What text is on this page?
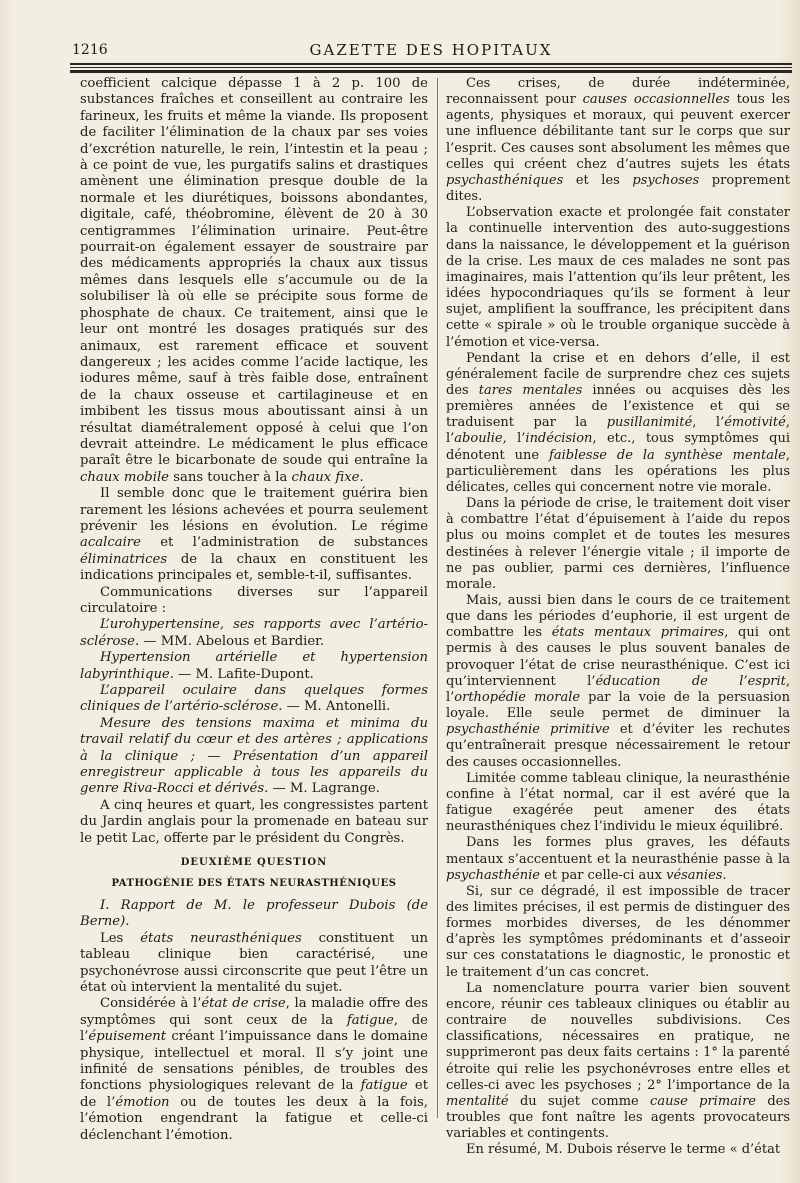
1216	GAZETTE DES HOPITAUX

coefficient calcique dépasse 1 à 2 p. 100 de substances fraîches et conseillent au contraire les farineux, les fruits et même la viande. Ils proposent de faciliter l’élimination de la chaux par ses voies d’excrétion naturelle, le rein, l’intestin et la peau ; à ce point de vue, les purgatifs salins et drastiques amènent une élimination presque double de la normale et les diurétiques, boissons abondantes, digitale, café, théobromine, élèvent de 20 à 30 centigrammes l’élimination urinaire. Peut-être pourrait-on également essayer de soustraire par des médicaments appropriés la chaux aux tissus mêmes dans lesquels elle s’accumule ou de la solubiliser là où elle se précipite sous forme de phosphate de chaux. Ce traitement, ainsi que le leur ont montré les dosages pratiqués sur des animaux, est rarement efficace et souvent dangereux ; les acides comme l’acide lactique, les iodures même, sauf à très faible dose, entraînent de la chaux osseuse et cartilagineuse et en imbibent les tissus mous aboutissant ainsi à un résultat diamétralement opposé à celui que l’on devrait atteindre. Le médicament le plus efficace paraît être le bicarbonate de soude qui entraîne la chaux mobile sans toucher à la chaux fixe.

Il semble donc que le traitement guérira bien rarement les lésions achevées et pourra seulement prévenir les lésions en évolution. Le régime acalcaire et l’administration de substances éliminatrices de la chaux en constituent les indications principales et, semble-t-il, suffisantes.

Communications diverses sur l’appareil circulatoire :

L’urohypertensine, ses rapports avec l’artério-sclérose. — MM. Abelous et Bardier.

Hypertension artérielle et hypertension labyrinthique. — M. Lafite-Dupont.

L’appareil oculaire dans quelques formes cliniques de l’artério-sclérose. — M. Antonelli.

Mesure des tensions maxima et minima du travail relatif du cœur et des artères ; applications à la clinique ; — Présentation d’un appareil enregistreur applicable à tous les appareils du genre Riva-Rocci et dérivés. — M. Lagrange.

A cinq heures et quart, les congressistes partent du Jardin anglais pour la promenade en bateau sur le petit Lac, offerte par le président du Congrès.

DEUXIÈME QUESTION

PATHOGÉNIE DES ÉTATS NEURASTHÉNIQUES

I. Rapport de M. le professeur Dubois (de Berne).

Les états neurasthéniques constituent un tableau clinique bien caractérisé, une psychonévrose aussi circonscrite que peut l’être un état où intervient la mentalité du sujet.

Considérée à l’état de crise, la maladie offre des symptômes qui sont ceux de la fatigue, de l’épuisement créant l’impuissance dans le domaine physique, intellectuel et moral. Il s’y joint une infinité de sensations pénibles, de troubles des fonctions physiologiques relevant de la fatigue et de l’émotion ou de toutes les deux à la fois, l’émotion engendrant la fatigue et celle-ci déclenchant l’émotion.

Ces crises, de durée indéterminée, reconnaissent pour causes occasionnelles tous les agents, physiques et moraux, qui peuvent exercer une influence débilitante tant sur le corps que sur l’esprit. Ces causes sont absolument les mêmes que celles qui créent chez d’autres sujets les états psychasthéniques et les psychoses proprement dites.

L’observation exacte et prolongée fait constater la continuelle intervention des auto-suggestions dans la naissance, le développement et la guérison de la crise. Les maux de ces malades ne sont pas imaginaires, mais l’attention qu’ils leur prêtent, les idées hypocondriaques qu’ils se forment à leur sujet, amplifient la souffrance, les précipitent dans cette « spirale » où le trouble organique succède à l’émotion et vice-versa.

Pendant la crise et en dehors d’elle, il est généralement facile de surprendre chez ces sujets des tares mentales innées ou acquises dès les premières années de l’existence et qui se traduisent par la pusillanimité, l’émotivité, l’aboulie, l’indécision, etc., tous symptômes qui dénotent une faiblesse de la synthèse mentale, particulièrement dans les opérations les plus délicates, celles qui concernent notre vie morale.

Dans la période de crise, le traitement doit viser à combattre l’état d’épuisement à l’aide du repos plus ou moins complet et de toutes les mesures destinées à relever l’énergie vitale ; il importe de ne pas oublier, parmi ces dernières, l’influence morale.

Mais, aussi bien dans le cours de ce traitement que dans les périodes d’euphorie, il est urgent de combattre les états mentaux primaires, qui ont permis à des causes le plus souvent banales de provoquer l’état de crise neurasthénique. C’est ici qu’interviennent l’éducation de l’esprit, l’orthopédie morale par la voie de la persuasion loyale. Elle seule permet de diminuer la psychasthénie primitive et d’éviter les rechutes qu’entraînerait presque nécessairement le retour des causes occasionnelles.

Limitée comme tableau clinique, la neurasthénie confine à l’état normal, car il est avéré que la fatigue exagérée peut amener des états neurasthéniques chez l’individu le mieux équilibré.

Dans les formes plus graves, les défauts mentaux s’accentuent et la neurasthénie passe à la psychasthénie et par celle-ci aux vésanies.

Si, sur ce dégradé, il est impossible de tracer des limites précises, il est permis de distinguer des formes morbides diverses, de les dénommer d’après les symptômes prédominants et d’asseoir sur ces constatations le diagnostic, le pronostic et le traitement d’un cas concret.

La nomenclature pourra varier bien souvent encore, réunir ces tableaux cliniques ou établir au contraire de nouvelles subdivisions. Ces classifications, nécessaires en pratique, ne supprimeront pas deux faits certains : 1° la parenté étroite qui relie les psychonévroses entre elles et celles-ci avec les psychoses ; 2° l’importance de la mentalité du sujet comme cause primaire des troubles que font naître les agents provocateurs variables et contingents.

En résumé, M. Dubois réserve le terme « d’état
